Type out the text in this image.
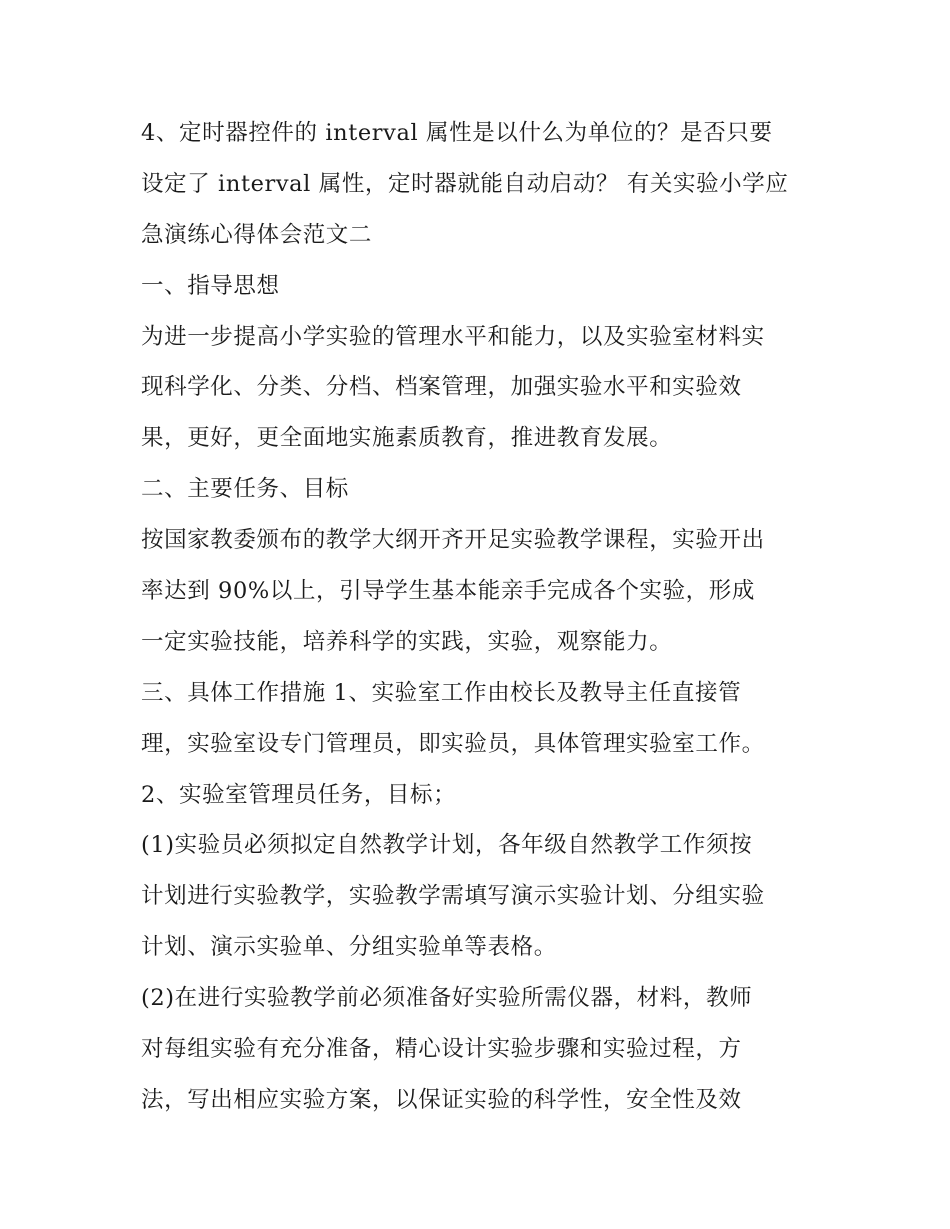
4、定时器控件的 interval 属性是以什么为单位的？是否只要
设定了 interval 属性，定时器就能自动启动？ 有关实验小学应
急演练心得体会范文二
一、指导思想
为进一步提高小学实验的管理水平和能力，以及实验室材料实
现科学化、分类、分档、档案管理，加强实验水平和实验效
果，更好，更全面地实施素质教育，推进教育发展。
二、主要任务、目标
按国家教委颁布的教学大纲开齐开足实验教学课程，实验开出
率达到 90%以上，引导学生基本能亲手完成各个实验，形成
一定实验技能，培养科学的实践，实验，观察能力。
三、具体工作措施 1、实验室工作由校长及教导主任直接管
理，实验室设专门管理员，即实验员，具体管理实验室工作。
2、实验室管理员任务，目标；
(1)实验员必须拟定自然教学计划，各年级自然教学工作须按
计划进行实验教学，实验教学需填写演示实验计划、分组实验
计划、演示实验单、分组实验单等表格。
(2)在进行实验教学前必须准备好实验所需仪器，材料，教师
对每组实验有充分准备，精心设计实验步骤和实验过程，方
法，写出相应实验方案，以保证实验的科学性，安全性及效
